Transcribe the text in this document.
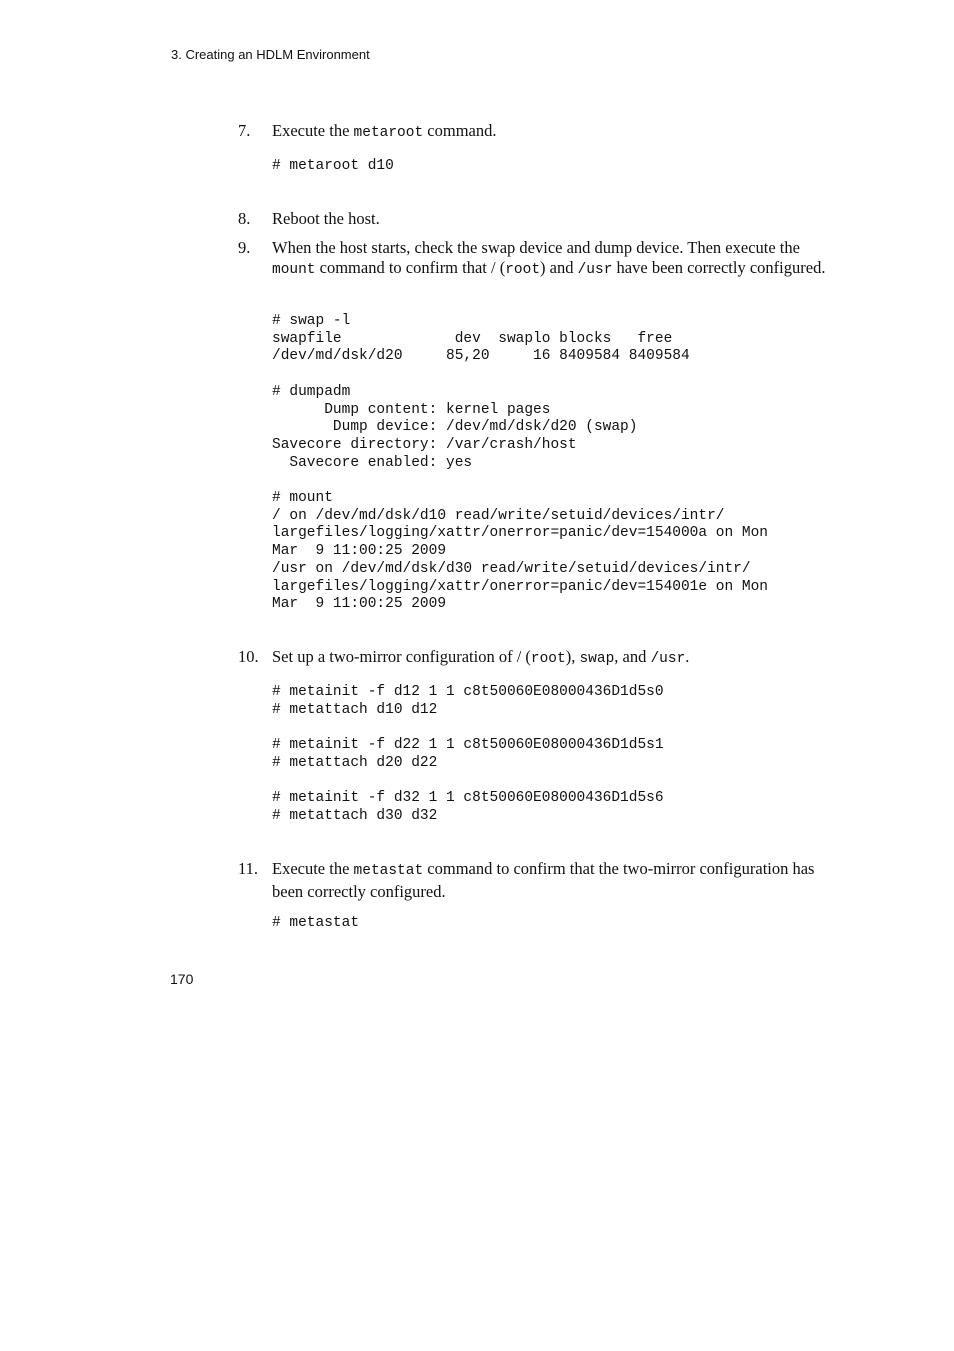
3. Creating an HDLM Environment
7. Execute the metaroot command.
# metaroot d10
8. Reboot the host.
9. When the host starts, check the swap device and dump device. Then execute the mount command to confirm that / (root) and /usr have been correctly configured.
# swap -l
swapfile             dev  swaplo blocks   free
/dev/md/dsk/d20     85,20     16 8409584 8409584
# dumpadm
Dump content: kernel pages
Dump device: /dev/md/dsk/d20 (swap)
Savecore directory: /var/crash/host
Savecore enabled: yes
# mount
/ on /dev/md/dsk/d10 read/write/setuid/devices/intr/
largefiles/logging/xattr/onerror=panic/dev=154000a on Mon
Mar  9 11:00:25 2009
/usr on /dev/md/dsk/d30 read/write/setuid/devices/intr/
largefiles/logging/xattr/onerror=panic/dev=154001e on Mon
Mar  9 11:00:25 2009
10. Set up a two-mirror configuration of / (root), swap, and /usr.
# metainit -f d12 1 1 c8t50060E08000436D1d5s0
# metattach d10 d12
# metainit -f d22 1 1 c8t50060E08000436D1d5s1
# metattach d20 d22
# metainit -f d32 1 1 c8t50060E08000436D1d5s6
# metattach d30 d32
11. Execute the metastat command to confirm that the two-mirror configuration has been correctly configured.
# metastat
170
